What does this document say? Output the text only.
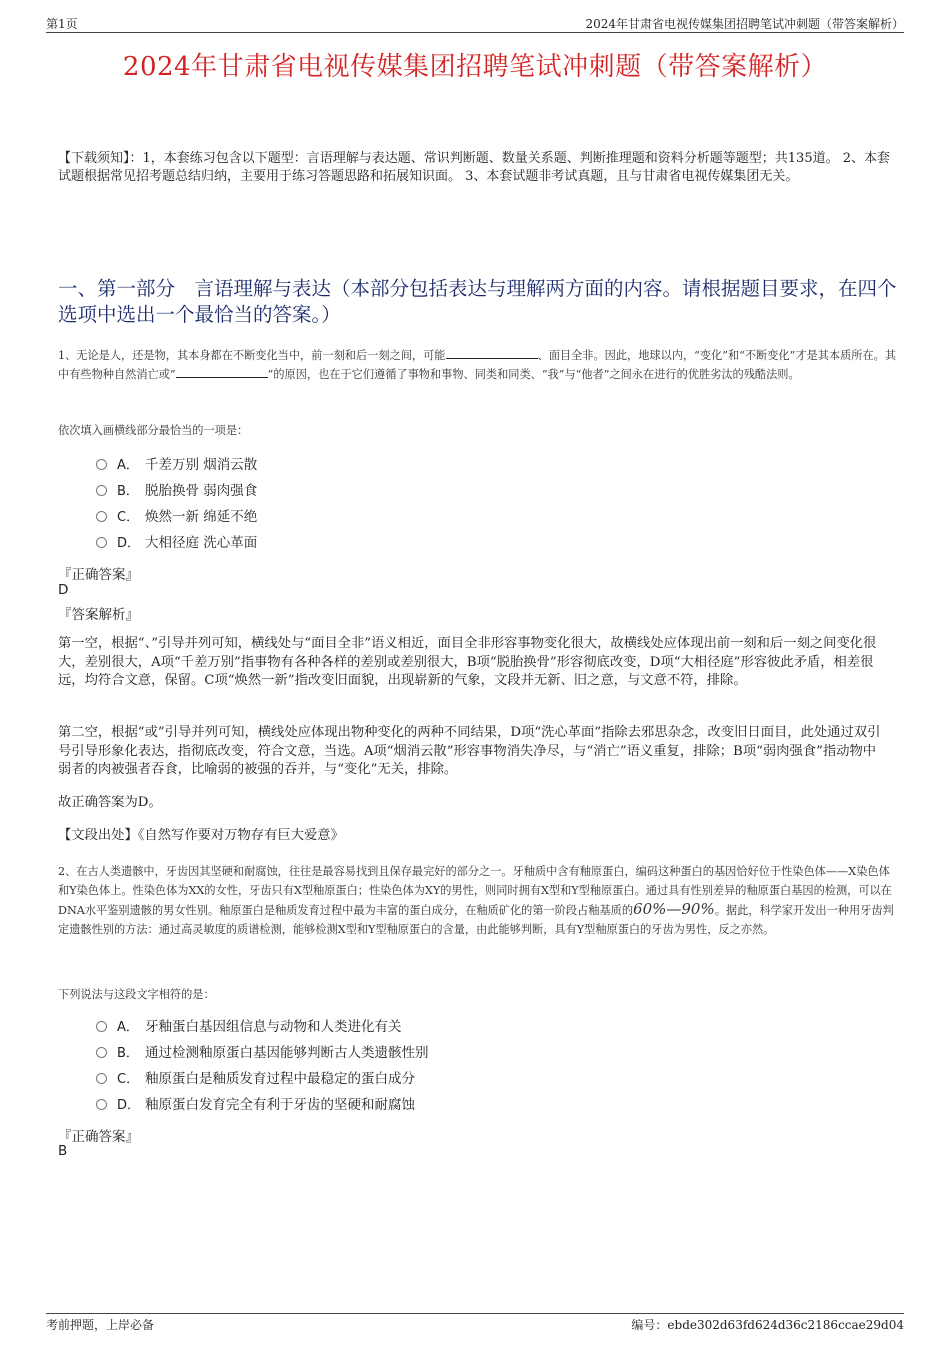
第1页	2024年甘肃省电视传媒集团招聘笔试冲刺题（带答案解析）
2024年甘肃省电视传媒集团招聘笔试冲刺题（带答案解析）
【下载须知】：1，本套练习包含以下题型：言语理解与表达题、常识判断题、数量关系题、判断推理题和资料分析题等题型；共135道。 2、本套试题根据常见招考题总结归纳，主要用于练习答题思路和拓展知识面。 3、本套试题非考试真题，且与甘肃省电视传媒集团无关。
一、第一部分　言语理解与表达（本部分包括表达与理解两方面的内容。请根据题目要求，在四个选项中选出一个最恰当的答案。）
1、无论是人，还是物，其本身都在不断变化当中，前一刻和后一刻之间，可能	、面目全非。因此，地球以内，“变化”和“不断变化”才是其本质所在。其中有些物种自然消亡或“	”的原因，也在于它们遵循了事物和事物、同类和同类、“我”与“他者”之间永在进行的优胜劣汰的残酷法则。
依次填入画横线部分最恰当的一项是：
A． 千差万别 烟消云散
B． 脱胎换骨 弱肉强食
C． 焕然一新 绵延不绝
D． 大相径庭 洗心革面
『正确答案』
D
『答案解析』
第一空，根据“、”引导并列可知，横线处与“面目全非”语义相近，面目全非形容事物变化很大，故横线处应体现出前一刻和后一刻之间变化很大，差别很大，A项“千差万别”指事物有各种各样的差别或差别很大，B项“脱胎换骨”形容彻底改变，D项“大相径庭”形容彼此矛盾，相差很远，均符合文意，保留。C项“焕然一新”指改变旧面貌，出现崭新的气象，文段并无新、旧之意，与文意不符，排除。
第二空，根据“或”引导并列可知，横线处应体现出物种变化的两种不同结果，D项“洗心革面”指除去邪思杂念，改变旧日面目，此处通过双引号引导形象化表达，指彻底改变，符合文意，当选。A项“烟消云散”形容事物消失净尽，与“消亡”语义重复，排除；B项“弱肉强食”指动物中弱者的肉被强者吞食，比喻弱的被强的吞并，与“变化”无关，排除。
故正确答案为D。
【文段出处】《自然写作要对万物存有巨大爱意》
2、在古人类遗骸中，牙齿因其坚硬和耐腐蚀，往往是最容易找到且保存最完好的部分之一。牙釉质中含有釉原蛋白，编码这种蛋白的基因恰好位于性染色体——X染色体和Y染色体上。性染色体为XX的女性，牙齿只有X型釉原蛋白；性染色体为XY的男性，则同时拥有X型和Y型釉原蛋白。通过具有性别差异的釉原蛋白基因的检测，可以在DNA水平鉴别遗骸的男女性别。釉原蛋白是釉质发育过程中最为丰富的蛋白成分，在釉质矿化的第一阶段占釉基质的60%—90%。据此，科学家开发出一种用牙齿判定遗骸性别的方法：通过高灵敏度的质谱检测，能够检测X型和Y型釉原蛋白的含量，由此能够判断，具有Y型釉原蛋白的牙齿为男性，反之亦然。
下列说法与这段文字相符的是：
A． 牙釉蛋白基因组信息与动物和人类进化有关
B． 通过检测釉原蛋白基因能够判断古人类遗骸性别
C． 釉原蛋白是釉质发育过程中最稳定的蛋白成分
D． 釉原蛋白发育完全有利于牙齿的坚硬和耐腐蚀
『正确答案』
B
考前押题，上岸必备	编号：ebde302d63fd624d36c2186ccae29d04
